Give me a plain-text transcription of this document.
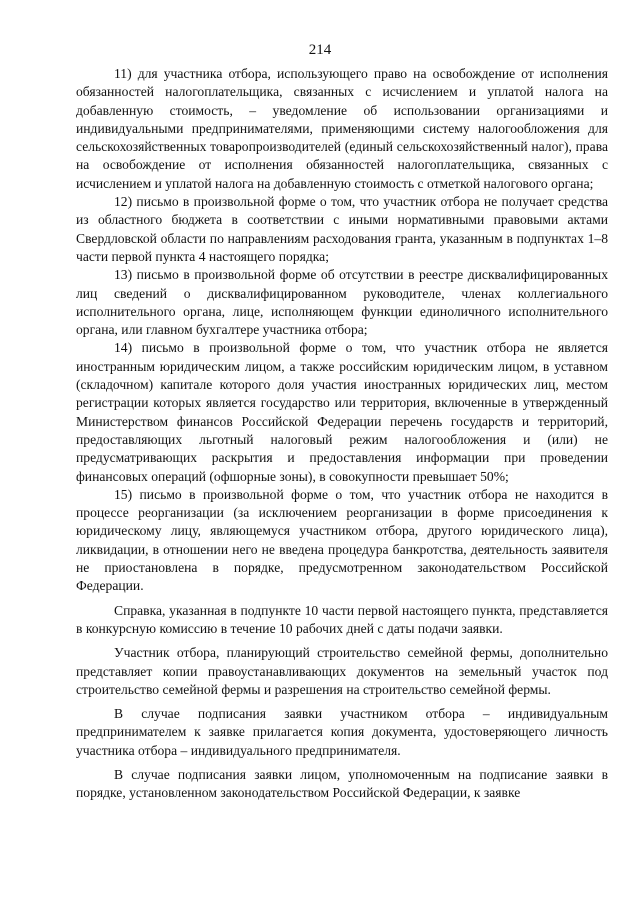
214

11) для участника отбора, использующего право на освобождение от исполнения обязанностей налогоплательщика, связанных с исчислением и уплатой налога на добавленную стоимость, – уведомление об использовании организациями и индивидуальными предпринимателями, применяющими систему налогообложения для сельскохозяйственных товаропроизводителей (единый сельскохозяйственный налог), права на освобождение от исполнения обязанностей налогоплательщика, связанных с исчислением и уплатой налога на добавленную стоимость с отметкой налогового органа;

12) письмо в произвольной форме о том, что участник отбора не получает средства из областного бюджета в соответствии с иными нормативными правовыми актами Свердловской области по направлениям расходования гранта, указанным в подпунктах 1–8 части первой пункта 4 настоящего порядка;

13) письмо в произвольной форме об отсутствии в реестре дисквалифицированных лиц сведений о дисквалифицированном руководителе, членах коллегиального исполнительного органа, лице, исполняющем функции единоличного исполнительного органа, или главном бухгалтере участника отбора;

14) письмо в произвольной форме о том, что участник отбора не является иностранным юридическим лицом, а также российским юридическим лицом, в уставном (складочном) капитале которого доля участия иностранных юридических лиц, местом регистрации которых является государство или территория, включенные в утвержденный Министерством финансов Российской Федерации перечень государств и территорий, предоставляющих льготный налоговый режим налогообложения и (или) не предусматривающих раскрытия и предоставления информации при проведении финансовых операций (офшорные зоны), в совокупности превышает 50%;

15) письмо в произвольной форме о том, что участник отбора не находится в процессе реорганизации (за исключением реорганизации в форме присоединения к юридическому лицу, являющемуся участником отбора, другого юридического лица), ликвидации, в отношении него не введена процедура банкротства, деятельность заявителя не приостановлена в порядке, предусмотренном законодательством Российской Федерации.

Справка, указанная в подпункте 10 части первой настоящего пункта, представляется в конкурсную комиссию в течение 10 рабочих дней с даты подачи заявки.

Участник отбора, планирующий строительство семейной фермы, дополнительно представляет копии правоустанавливающих документов на земельный участок под строительство семейной фермы и разрешения на строительство семейной фермы.

В случае подписания заявки участником отбора – индивидуальным предпринимателем к заявке прилагается копия документа, удостоверяющего личность участника отбора – индивидуального предпринимателя.

В случае подписания заявки лицом, уполномоченным на подписание заявки в порядке, установленном законодательством Российской Федерации, к заявке
